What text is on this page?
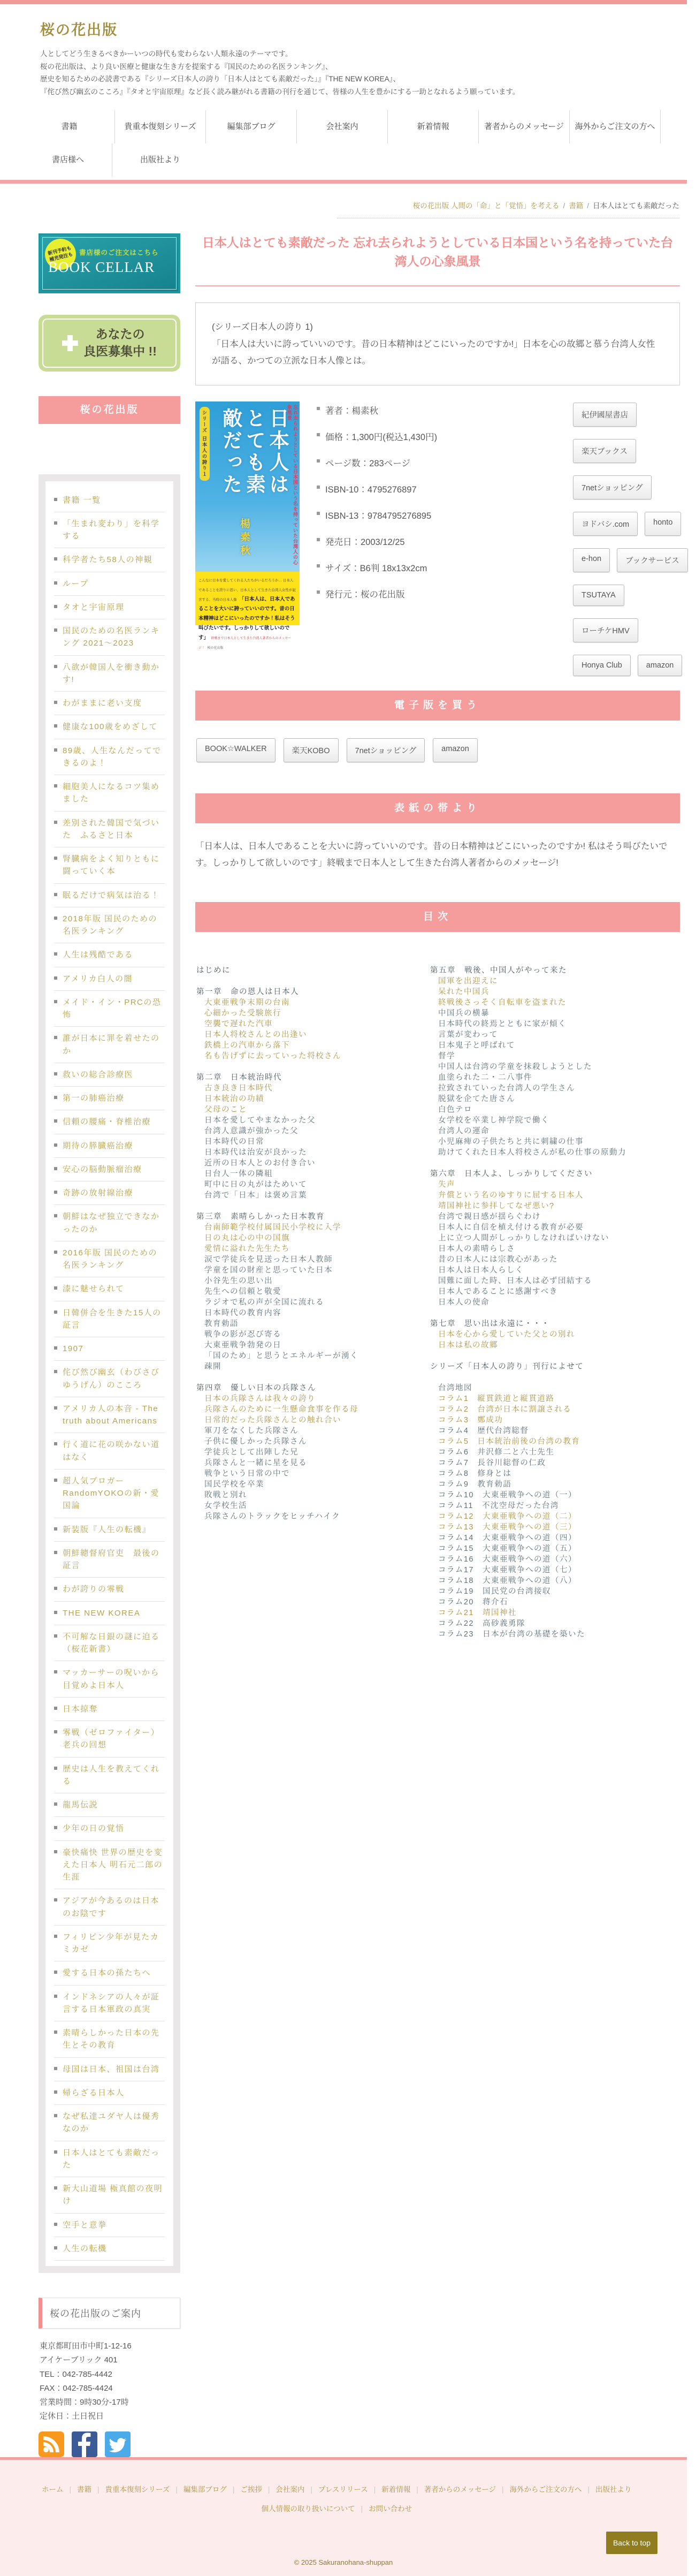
桜の花出版

人としてどう生きるべきかーいつの時代も変わらない人類永遠のテーマです。
桜の花出版は、より良い医療と健康な生き方を提案する『国民のための名医ランキング』、
歴史を知るための必読書である『シリーズ日本人の誇り「日本人はとても素敵だった」』『THE NEW KOREA』、
『侘び然び幽玄のこころ』『タオと宇宙原理』など長く読み継がれる書籍の刊行を通じて、皆様の人生を豊かにする一助となれるよう願っています。

書籍	貴重本復刻シリーズ	編集部ブログ	会社案内	新着情報	著者からのメッセージ	海外からご注文の方へ
書店様へ	出版社より
桜の花出版 人間の「命」と「覚悟」を考える / 書籍 / 日本人はとても素敵だった
新刊予約も
補充発注も 書店様のご注文はこちら
BOOK CELLAR
あなたの
良医募集中 !!
桜の花出版
書籍 一覧
「生まれ変わり」を科学する
科学者たち58人の神観
ループ
タオと宇宙原理
国民のための名医ランキング 2021～2023
八欲が韓国人を衝き動かす!
わがままに老い支度
健康な100歳をめざして
89歳、人生なんだってできるのよ！
細胞美人になるコツ集めました
差別された韓国で気づいた　ふるさと日本
腎臓病をよく知りともに闘っていく本
眠るだけで病気は治る！
2018年版 国民のための名医ランキング
人生は残酷である
アメリカ白人の闇
メイド・イン・PRCの恐怖
誰が日本に罪を着せたのか
救いの総合診療医
第一の肺癌治療
信頼の腰痛・脊椎治療
期待の膵臓癌治療
安心の脳動脈瘤治療
奇跡の放射線治療
朝鮮はなぜ独立できなかったのか
2016年版 国民のための名医ランキング
漆に魅せられて
日韓併合を生きた15人の証言
1907
侘び然び幽玄（わびさびゆうげん）のこころ
アメリカ人の本音 - The truth about Americans
行く道に花の咲かない道はなく
超人気ブロガーRandomYOKOの新・愛国論
新装版『人生の転機』
朝鮮總督府官吏　最後の証言
わが誇りの零戦
THE NEW KOREA
不可解な日銀の謎に迫る（桜花新書）
マッカーサーの呪いから目覚めよ日本人
日本掠奪
零戦（ゼロファイター）老兵の回想
歴史は人生を教えてくれる
龍馬伝説
少年の日の覚悟
豪快痛快 世界の歴史を変えた日本人 明石元二郎の生涯
アジアが今あるのは日本のお陰です
フィリピン少年が見たカミカゼ
愛する日本の孫たちへ
インドネシアの人々が証言する日本軍政の真実
素晴らしかった日本の先生とその教育
母国は日本、祖国は台湾
帰らざる日本人
なぜ私達ユダヤ人は優秀なのか
日本人はとても素敵だった
新大山道場 極真館の夜明け
空手と意拳
人生の転機
桜の花出版のご案内

東京都町田市中町1-12-16
アイケーブリック 401
TEL：042-785-4442
FAX：042-785-4424
営業時間：9時30分-17時
定休日：土日祝日

日本人はとても素敵だった 忘れ去られようとしている日本国という名を持っていた台湾人の心象風景

(シリーズ日本人の誇り 1)

「日本人は大いに誇っていいのです。昔の日本精神はどこにいったのですか!」日本を心の故郷と慕う台湾人女性が語る、かつての立派な日本人像とは。

シリーズ 日本人の誇り１	忘れ去られようとしている日本国という名を持っていた台湾人の心象風景
日本人はとても素敵だった
楊素秋
こんなに日本を愛してくれる人たちがいるだろうか… 日本人であることを誇りに思い、日本人として生きた台湾人女性が証言する、当時の日本人像 「日本人は、日本人であることを大いに誇っていいのです。昔の日本精神はどこにいったのですか！私はそう叫びたいです。しっかりして欲しいのです」 終戦まで日本人として生きた台湾人著者からのメッセージ！ 桜の花出版
著者：楊素秋
価格：1,300円(税込1,430円)
ページ数：283ページ
ISBN-10：4795276897
ISBN-13：9784795276895
発売日：2003/12/25
サイズ：B6判 18x13x2cm
発行元：桜の花出版
紀伊國屋書店
楽天ブックス
7netショッピング
ヨドバシ.com	honto
e-hon	ブックサービス
TSUTAYA
ローチケHMV
Honya Club	amazon
電子版を買う
BOOK☆WALKER	楽天KOBO	7netショッピング	amazon
表紙の帯より

「日本人は、日本人であることを大いに誇っていいのです。昔の日本精神はどこにいったのですか! 私はそう叫びたいです。しっかりして欲しいのです」終戦まで日本人として生きた台湾人著者からのメッセージ!

目次
はじめに
第一章　命の恩人は日本人
大東亜戦争末期の台南
心細かった受験旅行
空襲で遅れた汽車
日本人将校さんとの出逢い
鉄橋上の汽車から落下
名も告げずに去っていった将校さん
第二章　日本統治時代
古き良き日本時代
日本統治の功績
父母のこと
日本を愛してやまなかった父
台湾人意識が強かった父
日本時代の日常
日本時代は治安が良かった
近所の日本人とのお付き合い
日台人一体の隣組
町中に日の丸がはためいて
台湾で「日本」は褒め言葉
第三章　素晴らしかった日本教育
台南師範学校付属国民小学校に入学
日の丸は心の中の国旗
愛情に溢れた先生たち
涙で学徒兵を見送った日本人教師
学童を国の財産と思っていた日本
小谷先生の思い出
先生への信頼と敬愛
ラジオで私の声が全国に流れる
日本時代の教育内容
教育勅語
戦争の影が忍び寄る
大東亜戦争勃発の日
「国のため」と思うとエネルギーが湧く
疎開
第四章　優しい日本の兵隊さん
日本の兵隊さんは我々の誇り
兵隊さんのために一生懸命食事を作る母
日常的だった兵隊さんとの触れ合い
軍刀をなくした兵隊さん
子供に優しかった兵隊さん
学徒兵として出陣した兄
兵隊さんと一緒に星を見る
戦争という日常の中で
国民学校を卒業
敗戦と別れ
女学校生活
兵隊さんのトラックをヒッチハイク
第五章　戦後、中国人がやって来た
国軍を出迎えに
呆れた中国兵
終戦後さっそく自転車を盗まれた
中国兵の横暴
日本時代の終焉とともに家が傾く
言葉が変わって
日本鬼子と呼ばれて
督学
中国人は台湾の学童を抹殺しようとした
血塗られた二・二八事件
拉致されていった台湾人の学生さん
脱獄を企てた唐さん
白色テロ
女学校を卒業し神学院で働く
台湾人の運命
小児麻痺の子供たちと共に刺繍の仕事
助けてくれた日本人将校さんが私の仕事の原動力
第六章　日本人よ、しっかりしてください
失声
弁償という名のゆすりに屈する日本人
靖国神社に参拝してなぜ悪い?
台湾で親日感が揺らぐわけ
日本人に自信を植え付ける教育が必要
上に立つ人間がしっかりしなければいけない
日本人の素晴らしさ
昔の日本人には宗教心があった
日本人は日本人らしく
国難に面した時、日本人は必ず団結する
日本人であることに感謝すべき
日本人の使命
第七章　思い出は永遠に・・・
日本を心から愛していた父との別れ
日本は私の故郷
シリーズ「日本人の誇り」刊行によせて
台湾地図
コラム1　縦貫鉄道と縦貫道路
コラム2　台湾が日本に割譲される
コラム3　鄭成功
コラム4　歴代台湾総督
コラム5　日本統治前後の台湾の教育
コラム6　井沢修二と六士先生
コラム7　長谷川総督の仁政
コラム8　修身とは
コラム9　教育勅語
コラム10　大東亜戦争への道（一）
コラム11　不沈空母だった台湾
コラム12　大東亜戦争への道（二）
コラム13　大東亜戦争への道（三）
コラム14　大東亜戦争への道（四）
コラム15　大東亜戦争への道（五）
コラム16　大東亜戦争への道（六）
コラム17　大東亜戦争への道（七）
コラム18　大東亜戦争への道（八）
コラム19　国民党の台湾接収
コラム20　蒋介石
コラム21　靖国神社
コラム22　高砂義勇隊
コラム23　日本が台湾の基礎を築いた
ホーム | 書籍 | 貴重本復刻シリーズ | 編集部ブログ | ご挨拶 | 会社案内 | プレスリリース | 新着情報 | 著者からのメッセージ | 海外からご注文の方へ | 出版社より
個人情報の取り扱いについて | お問い合わせ
Back to top
© 2025 Sakuranohana-shuppan
